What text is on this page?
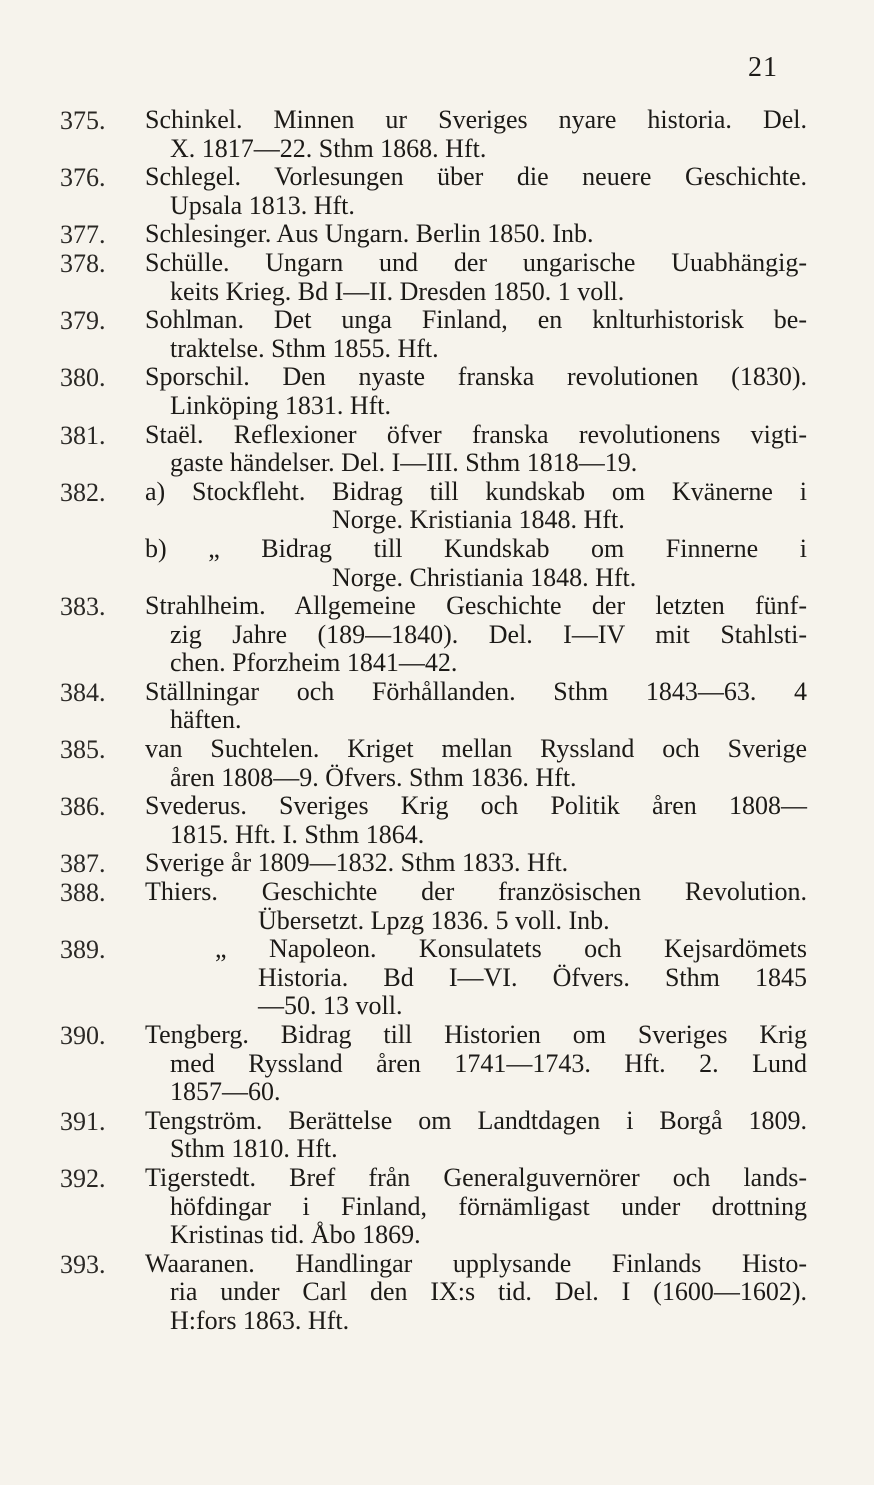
21
375.	Schinkel. Minnen ur Sveriges nyare historia. Del.
X. 1817—22. Sthm 1868. Hft.
376.	Schlegel. Vorlesungen über die neuere Geschichte.
Upsala 1813. Hft.
377.	Schlesinger. Aus Ungarn. Berlin 1850. Inb.
378.	Schülle. Ungarn und der ungarische Uuabhängig-
keits Krieg. Bd I—II. Dresden 1850. 1 voll.
379.	Sohlman. Det unga Finland, en knlturhistorisk be-
traktelse. Sthm 1855. Hft.
380.	Sporschil. Den nyaste franska revolutionen (1830).
Linköping 1831. Hft.
381.	Staël. Reflexioner öfver franska revolutionens vigti-
gaste händelser. Del. I—III. Sthm 1818—19.
382.	a) Stockfleht. Bidrag till kundskab om Kvänerne i
Norge. Kristiania 1848. Hft.
b) „ Bidrag till Kundskab om Finnerne i
Norge. Christiania 1848. Hft.
383.	Strahlheim. Allgemeine Geschichte der letzten fünf-
zig Jahre (189—1840). Del. I—IV mit Stahlsti-
chen. Pforzheim 1841—42.
384.	Ställningar och Förhållanden. Sthm 1843—63. 4
häften.
385.	van Suchtelen. Kriget mellan Ryssland och Sverige
åren 1808—9. Öfvers. Sthm 1836. Hft.
386.	Svederus. Sveriges Krig och Politik åren 1808—
1815. Hft. I. Sthm 1864.
387.	Sverige år 1809—1832. Sthm 1833. Hft.
388.	Thiers. Geschichte der französischen Revolution.
Übersetzt. Lpzg 1836. 5 voll. Inb.
389.	„ Napoleon. Konsulatets och Kejsardömets
Historia. Bd I—VI. Öfvers. Sthm 1845
—50. 13 voll.
390.	Tengberg. Bidrag till Historien om Sveriges Krig
med Ryssland åren 1741—1743. Hft. 2. Lund
1857—60.
391.	Tengström. Berättelse om Landtdagen i Borgå 1809.
Sthm 1810. Hft.
392.	Tigerstedt. Bref från Generalguvernörer och lands-
höfdingar i Finland, förnämligast under drottning
Kristinas tid. Åbo 1869.
393.	Waaranen. Handlingar upplysande Finlands Histo-
ria under Carl den IX:s tid. Del. I (1600—1602).
H:fors 1863. Hft.
